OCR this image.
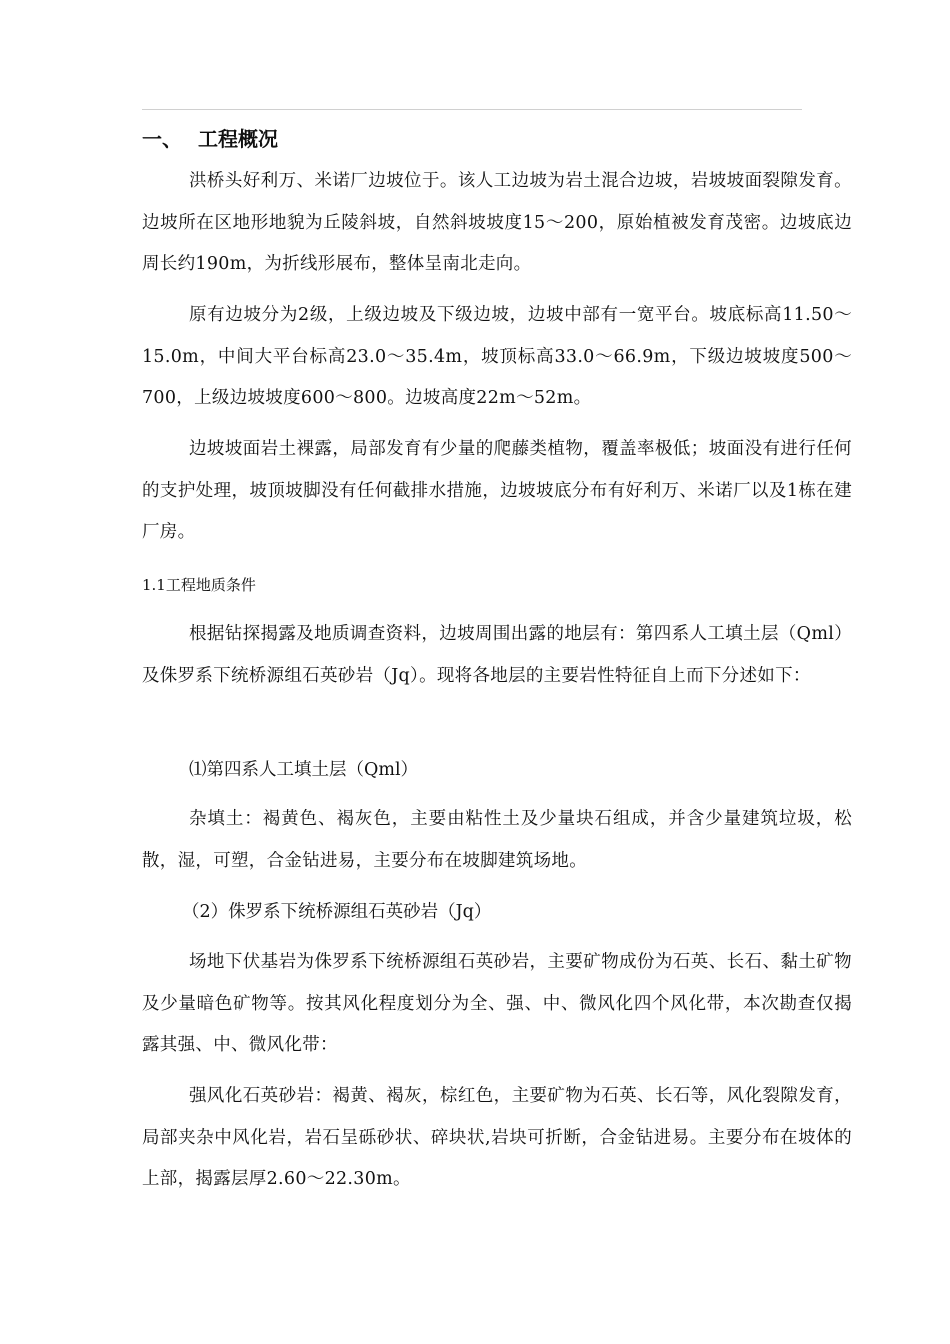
一、 工程概况

洪桥头好利万、米诺厂边坡位于。该人工边坡为岩土混合边坡，岩坡坡面裂隙发育。边坡所在区地形地貌为丘陵斜坡，自然斜坡坡度15～200，原始植被发育茂密。边坡底边周长约190m，为折线形展布，整体呈南北走向。

原有边坡分为2级，上级边坡及下级边坡，边坡中部有一宽平台。坡底标高11.50～15.0m，中间大平台标高23.0～35.4m，坡顶标高33.0～66.9m，下级边坡坡度500～700，上级边坡坡度600～800。边坡高度22m～52m。

边坡坡面岩土裸露，局部发育有少量的爬藤类植物，覆盖率极低；坡面没有进行任何的支护处理，坡顶坡脚没有任何截排水措施，边坡坡底分布有好利万、米诺厂以及1栋在建厂房。

1.1工程地质条件

根据钻探揭露及地质调查资料，边坡周围出露的地层有：第四系人工填土层（Qml）及侏罗系下统桥源组石英砂岩（Jq）。现将各地层的主要岩性特征自上而下分述如下：

⑴第四系人工填土层（Qml）

杂填土：褐黄色、褐灰色，主要由粘性土及少量块石组成，并含少量建筑垃圾，松散，湿，可塑，合金钻进易，主要分布在坡脚建筑场地。

（2）侏罗系下统桥源组石英砂岩（Jq）

场地下伏基岩为侏罗系下统桥源组石英砂岩，主要矿物成份为石英、长石、黏土矿物及少量暗色矿物等。按其风化程度划分为全、强、中、微风化四个风化带，本次勘查仅揭露其强、中、微风化带：

强风化石英砂岩：褐黄、褐灰，棕红色，主要矿物为石英、长石等，风化裂隙发育，局部夹杂中风化岩，岩石呈砾砂状、碎块状,岩块可折断，合金钻进易。主要分布在坡体的上部，揭露层厚2.60～22.30m。
